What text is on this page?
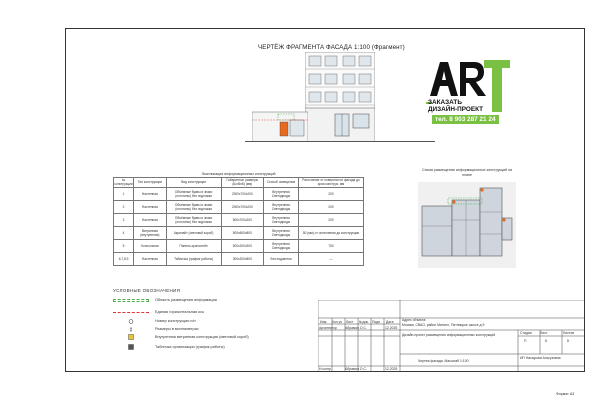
ЧЕРТЁЖ ФРАГМЕНТА ФАСАДА 1:100 (Фрагмент)
ЗАКАЗАТЬ
ДИЗАЙН-ПРОЕКТ
тел. 8 903 287 21 24
Экспликация информационных конструкций
№ конструкции	Тип конструкции	Вид конструкции	Габаритные размеры (ШхВхВ) (мм)	Способ освещения	Расстояние от поверхности фасада до края конструк. мм
1	Настенная	Объёмные буквы и знаки (логотипы) без подложки	2300x700x200	Внутренняя Светодиоды	200
2	Настенная	Объёмные буквы и знаки (логотипы) без подложки	2300x700x200	Внутренняя Светодиоды	200
3	Настенная	Объёмные буквы и знаки (логотипы) без подложки	800x700x200	Внутренняя Светодиоды	200
4	Витринная (внутренняя)	Акрилайт (световой короб)	500x600x800	Внутренняя Светодиоды	50 (мм) от остекления до конструкции
5	Консольная	Панель-кронштейн	500x200x300	Внутренняя Светодиоды	750
6,7,8,9	Настенная	Табличка (график работы)	300x200x800	Без подсветки	—
Схема размещения информационных конструкций на плане
УСЛОВНЫЕ ОБОЗНАЧЕНИЯ
Область размещения информации
Единая горизонтальная ось
Номер конструкции п/п
Размеры в миллиметрах
Внутренняя витринная конструкция (световой короб)
Табличка организации (график работы)
Изм. Кол.уч Лист №док. Подп. Дата
Архитектор Абрамов О.С.	12.2025
Н.контр.	Абрамов О.С.	12.2025
Адрес объекта:
Москва, СВАО, район Митино, Пятницкое шоссе д.9
Дизайн-проект размещения информационных конструкций	Стадия Лист	Листов
П	8	8
ИП Насырова Альгузовна
Чертеж фасада. Масштаб 1:100
Формат А3
